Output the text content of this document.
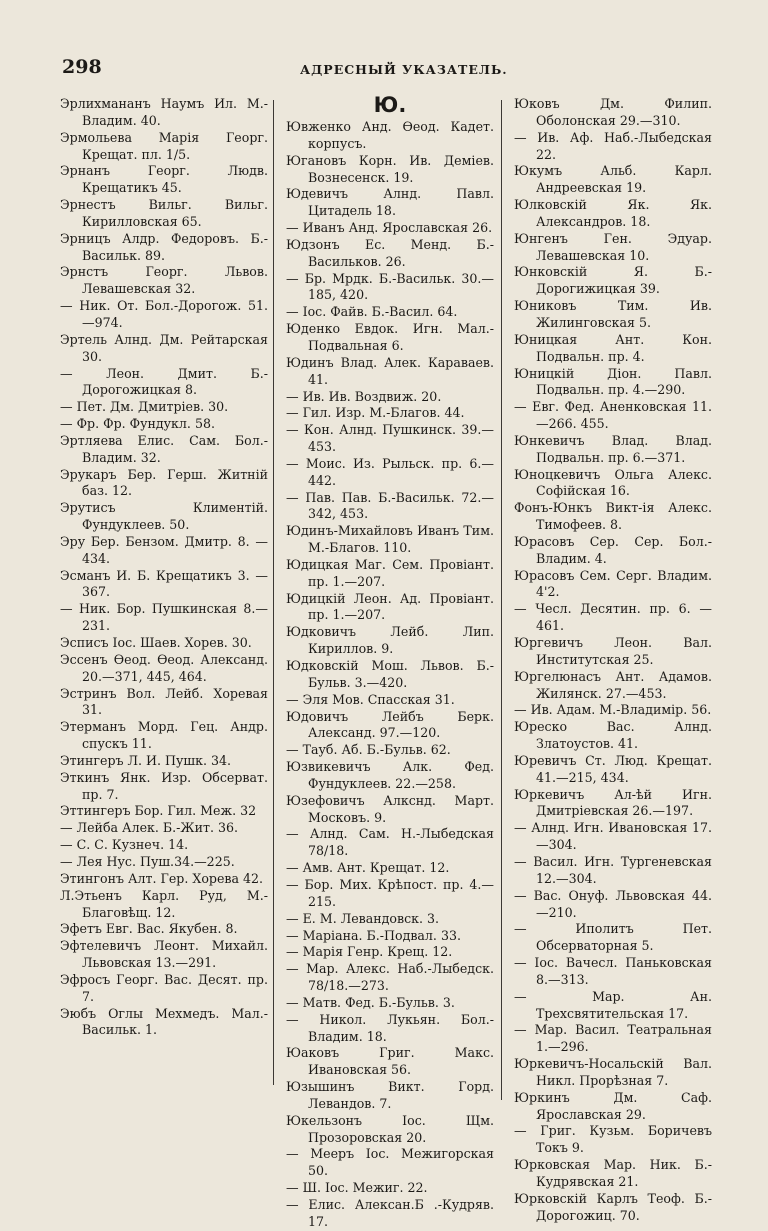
298	АДРЕСНЫЙ УКАЗАТЕЛЬ.
Эрлихмананъ Наумъ Ил. М.-Владим. 40.
Эрмольева Марія Георг. Крещат. пл. 1/5.
Эрнанъ Георг. Людв. Крещатикъ 45.
Эрнестъ Вильг. Вильг. Кирилловская 65.
Эрницъ Алдр. Федоровъ. Б.-Васильк. 89.
Эрнстъ Георг. Львов. Левашевская 32.
— Ник. От. Бол.-Дорогож. 51.—974.
Эртель Алнд. Дм. Рейтарская 30.
— Леон. Дмит. Б.-Дорогожицкая 8.
— Пет. Дм. Дмитріев. 30.
— Фр. Фр. Фундукл. 58.
Эртляева Елис. Сам. Бол.-Владим. 32.
Эрукаръ Бер. Герш. Житній баз. 12.
Эрутисъ Климентій. Фундуклеев. 50.
Эру Бер. Бензом. Дмитр. 8. —434.
Эсманъ И. Б. Крещатикъ 3. —367.
— Ник. Бор. Пушкинская 8.—231.
Эсписъ Іос. Шаев. Хорев. 30.
Эссенъ Өеод. Өеод. Александ. 20.—371, 445, 464.
Эстринъ Вол. Лейб. Хоревая 31.
Этерманъ Морд. Гец. Андр. спускъ 11.
Этингеръ Л. И. Пушк. 34.
Эткинъ Янк. Изр. Обсерват. пр. 7.
Эттингеръ Бор. Гил. Меж. 32
— Лейба Алек. Б.-Жит. 36.
— С. С. Кузнеч. 14.
— Лея Нус. Пуш.34.—225.
Этингонъ Алт. Гер. Хорева 42.
Л.Этьенъ Карл. Руд, М.-Благовѣщ. 12.
Эфетъ Евг. Вас. Якубен. 8.
Эфтелевичъ Леонт. Михайл. Львовская 13.—291.
Эфросъ Георг. Вас. Десят. пр. 7.
Эюбъ Оглы Мехмедъ. Мал.-Васильк. 1.
Ю.
Ювженко Анд. Өеод. Кадет. корпусъ.
Югановъ Корн. Ив. Деміев. Вознесенск. 19.
Юдевичъ Алнд. Павл. Цитадель 18.
— Иванъ Анд. Ярославская 26.
Юдзонъ Ес. Менд. Б.-Васильков. 26.
— Бр. Мрдк. Б.-Васильк. 30.—185, 420.
— Іос. Файв. Б.-Васил. 64.
Юденко Евдок. Игн. Мал.-Подвальная 6.
Юдинъ Влад. Алек. Караваев. 41.
— Ив. Ив. Воздвиж. 20.
— Гил. Изр. М.-Благов. 44.
— Кон. Алнд. Пушкинск. 39.—453.
— Моис. Из. Рыльск. пр. 6.—442.
— Пав. Пав. Б.-Васильк. 72.—342, 453.
Юдинъ-Михайловъ Иванъ Тим. М.-Благов. 110.
Юдицкая Маг. Сем. Провіант. пр. 1.—207.
Юдицкій Леон. Ад. Провіант. пр. 1.—207.
Юдковичъ Лейб. Лип. Кириллов. 9.
Юдковскій Мош. Львов. Б.-Бульв. 3.—420.
— Эля Мов. Спасская 31.
Юдовичъ Лейбъ Берк. Александ. 97.—120.
— Тауб. Аб. Б.-Бульв. 62.
Юзвикевичъ Алк. Фед. Фундуклеев. 22.—258.
Юзефовичъ Алкснд. Март. Московъ. 9.
— Алнд. Сам. Н.-Лыбедская 78/18.
— Амв. Ант. Крещат. 12.
— Бор. Мих. Крѣпост. пр. 4.—215.
— Е. М. Левандовск. 3.
— Маріана. Б.-Подвал. 33.
— Марія Генр. Крещ. 12.
— Мар. Алекс. Наб.-Лыбедск. 78/18.—273.
— Матв. Фед. Б.-Бульв. 3.
— Никол. Лукьян. Бол.-Владим. 18.
Юаковъ Григ. Макс. Ивановская 56.
Юзышинъ Викт. Горд. Левандов. 7.
Юкельзонъ Іос. Щм. Прозоровская 20.
— Мееръ Іос. Межигорская 50.
— Ш. Іос. Межиг. 22.
— Елис. Алексан.Б .-Кудряв. 17.
Юковъ Дм. Филип. Оболонская 29.—310.
— Ив. Аф. Наб.-Лыбедская 22.
Юкумъ Альб. Карл. Андреевская 19.
Юлковскій Як. Як. Александров. 18.
Юнгенъ Ген. Эдуар. Левашевская 10.
Юнковскій Я. Б.-Дорогижицкая 39.
Юниковъ Тим. Ив. Жилинговская 5.
Юницкая Ант. Кон. Подвальн. пр. 4.
Юницкій Діон. Павл. Подвальн. пр. 4.—290.
— Евг. Фед. Аненковская 11.—266. 455.
Юнкевичъ Влад. Влад. Подвальн. пр. 6.—371.
Юноцкевичъ Ольга Алекс. Софійская 16.
Фонъ-Юнкъ Викт-ія Алекс. Тимофеев. 8.
Юрасовъ Сер. Сер. Бол.-Владим. 4.
Юрасовъ Сем. Серг. Владим. 4'2.
— Чесл. Десятин. пр. 6. —461.
Юргевичъ Леон. Вал. Институтская 25.
Юргелюнасъ Ант. Адамов. Жилянск. 27.—453.
— Ив. Адам. М.-Владимір. 56.
Юреско Вас. Алнд. Златоустов. 41.
Юревичъ Ст. Люд. Крещат. 41.—215, 434.
Юркевичъ Ал-ѣй Игн. Дмитріевская 26.—197.
— Алнд. Игн. Ивановская 17.—304.
— Васил. Игн. Тургеневская 12.—304.
— Вас. Онуф. Львовская 44.—210.
— Иполитъ Пет. Обсерваторная 5.
— Іос. Вачесл. Паньковская 8.—313.
— Мар. Ан. Трехсвятительская 17.
— Мар. Васил. Театральная 1.—296.
Юркевичъ-Носальскій Вал. Никл. Прорѣзная 7.
Юркинъ Дм. Саф. Ярославская 29.
— Григ. Кузьм. Боричевъ Токъ 9.
Юрковская Мар. Ник. Б.-Кудрявская 21.
Юрковскій Карлъ Теоф. Б.-Дорогожиц. 70.
